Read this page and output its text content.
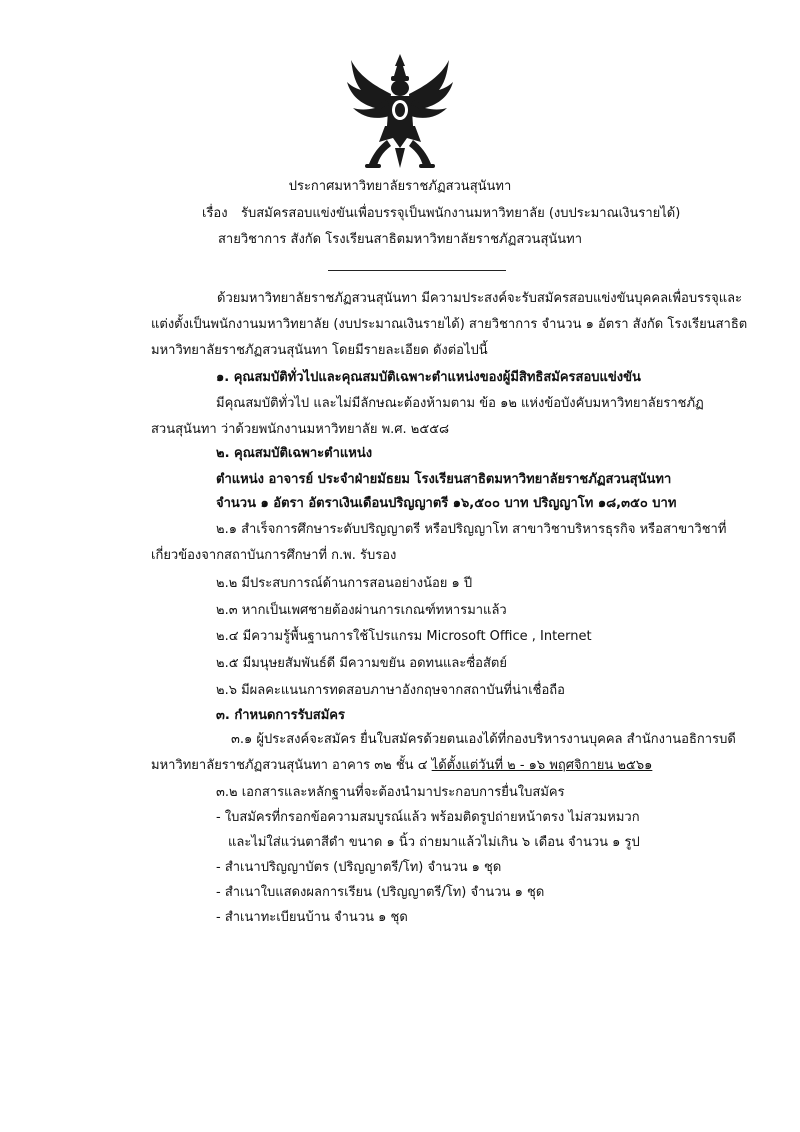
ประกาศมหาวิทยาลัยราชภัฏสวนสุนันทา
เรื่อง รับสมัครสอบแข่งขันเพื่อบรรจุเป็นพนักงานมหาวิทยาลัย (งบประมาณเงินรายได้)
สายวิชาการ สังกัด โรงเรียนสาธิตมหาวิทยาลัยราชภัฏสวนสุนันทา
ด้วยมหาวิทยาลัยราชภัฏสวนสุนันทา มีความประสงค์จะรับสมัครสอบแข่งขันบุคคลเพื่อบรรจุและ
แต่งตั้งเป็นพนักงานมหาวิทยาลัย (งบประมาณเงินรายได้) สายวิชาการ จำนวน ๑ อัตรา สังกัด โรงเรียนสาธิต
มหาวิทยาลัยราชภัฏสวนสุนันทา โดยมีรายละเอียด ดังต่อไปนี้
๑. คุณสมบัติทั่วไปและคุณสมบัติเฉพาะตำแหน่งของผู้มีสิทธิสมัครสอบแข่งขัน
มีคุณสมบัติทั่วไป และไม่มีลักษณะต้องห้ามตาม ข้อ ๑๒ แห่งข้อบังคับมหาวิทยาลัยราชภัฏ
สวนสุนันทา ว่าด้วยพนักงานมหาวิทยาลัย พ.ศ. ๒๕๕๘
๒. คุณสมบัติเฉพาะตำแหน่ง
ตำแหน่ง อาจารย์ ประจำฝ่ายมัธยม โรงเรียนสาธิตมหาวิทยาลัยราชภัฏสวนสุนันทา
จำนวน ๑ อัตรา อัตราเงินเดือนปริญญาตรี ๑๖,๕๐๐ บาท ปริญญาโท ๑๘,๓๕๐ บาท
๒.๑ สำเร็จการศึกษาระดับปริญญาตรี หรือปริญญาโท สาขาวิชาบริหารธุรกิจ หรือสาขาวิชาที่
เกี่ยวข้องจากสถาบันการศึกษาที่ ก.พ. รับรอง
๒.๒ มีประสบการณ์ด้านการสอนอย่างน้อย ๑ ปี
๒.๓ หากเป็นเพศชายต้องผ่านการเกณฑ์ทหารมาแล้ว
๒.๔ มีความรู้พื้นฐานการใช้โปรแกรม Microsoft Office , Internet
๒.๕ มีมนุษยสัมพันธ์ดี มีความขยัน อดทนและซื่อสัตย์
๒.๖ มีผลคะแนนการทดสอบภาษาอังกฤษจากสถาบันที่น่าเชื่อถือ
๓. กำหนดการรับสมัคร
๓.๑ ผู้ประสงค์จะสมัคร ยื่นใบสมัครด้วยตนเองได้ที่กองบริหารงานบุคคล สำนักงานอธิการบดี
มหาวิทยาลัยราชภัฏสวนสุนันทา อาคาร ๓๒ ชั้น ๔ ได้ตั้งแต่วันที่ ๒ - ๑๖ พฤศจิกายน ๒๕๖๑
๓.๒ เอกสารและหลักฐานที่จะต้องนำมาประกอบการยื่นใบสมัคร
- ใบสมัครที่กรอกข้อความสมบูรณ์แล้ว พร้อมติดรูปถ่ายหน้าตรง ไม่สวมหมวก
และไม่ใส่แว่นตาสีดำ ขนาด ๑ นิ้ว ถ่ายมาแล้วไม่เกิน ๖ เดือน จำนวน ๑ รูป
- สำเนาปริญญาบัตร (ปริญญาตรี/โท) จำนวน ๑ ชุด
- สำเนาใบแสดงผลการเรียน (ปริญญาตรี/โท) จำนวน ๑ ชุด
- สำเนาทะเบียนบ้าน จำนวน ๑ ชุด
